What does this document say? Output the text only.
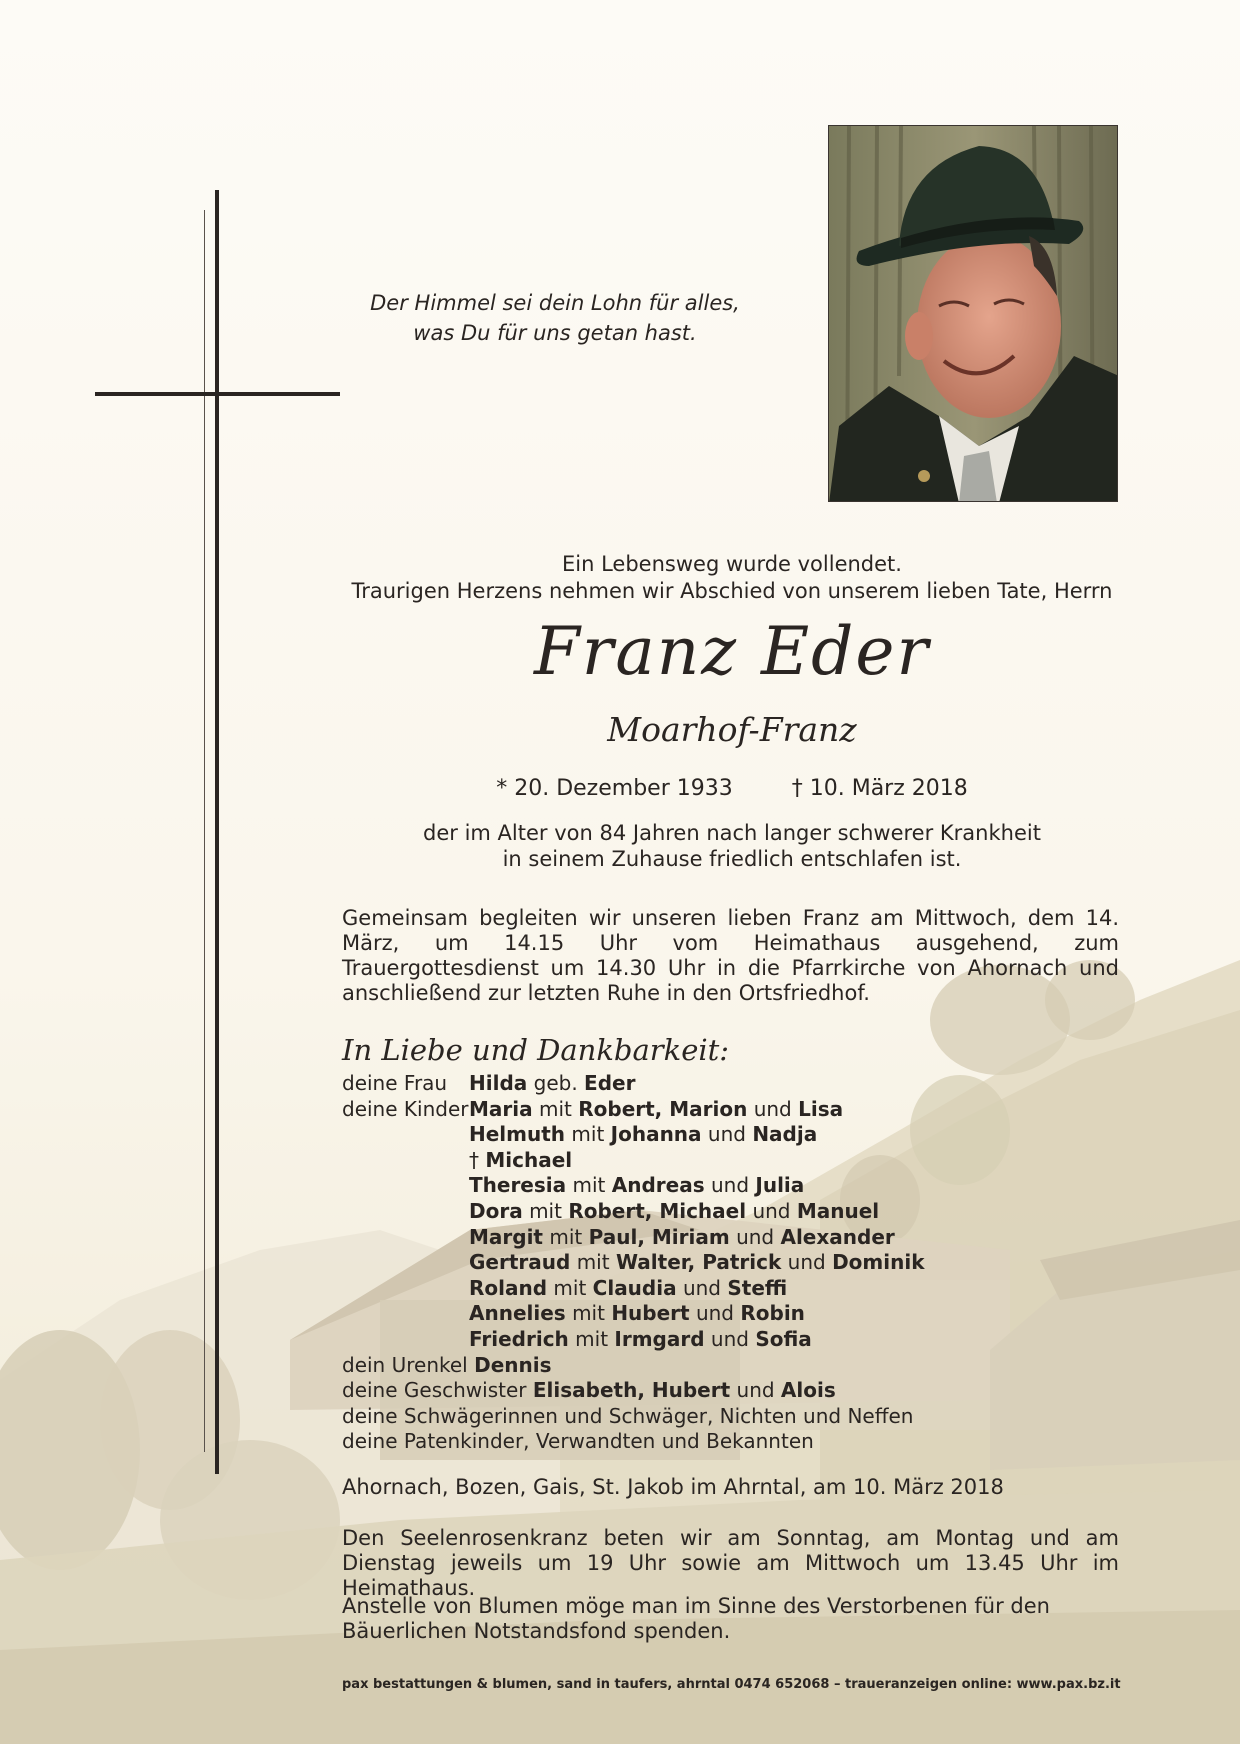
Der Himmel sei dein Lohn für alles,
was Du für uns getan hast.
Ein Lebensweg wurde vollendet.
Traurigen Herzens nehmen wir Abschied von unserem lieben Tate, Herrn
Franz Eder
Moarhof-Franz
* 20. Dezember 1933	† 10. März 2018
der im Alter von 84 Jahren nach langer schwerer Krankheit
in seinem Zuhause friedlich entschlafen ist.
Gemeinsam begleiten wir unseren lieben Franz am Mittwoch, dem 14. März, um 14.15 Uhr vom Heimathaus ausgehend, zum Trauergottesdienst um 14.30 Uhr in die Pfarrkirche von Ahornach und anschließend zur letzten Ruhe in den Ortsfriedhof.
In Liebe und Dankbarkeit:
deine Frau Hilda geb. Eder
deine Kinder Maria mit Robert, Marion und Lisa
Helmuth mit Johanna und Nadja
† Michael
Theresia mit Andreas und Julia
Dora mit Robert, Michael und Manuel
Margit mit Paul, Miriam und Alexander
Gertraud mit Walter, Patrick und Dominik
Roland mit Claudia und Steffi
Annelies mit Hubert und Robin
Friedrich mit Irmgard und Sofia
dein Urenkel Dennis
deine Geschwister Elisabeth, Hubert und Alois
deine Schwägerinnen und Schwäger, Nichten und Neffen
deine Patenkinder, Verwandten und Bekannten
Ahornach, Bozen, Gais, St. Jakob im Ahrntal, am 10. März 2018
Den Seelenrosenkranz beten wir am Sonntag, am Montag und am Dienstag jeweils um 19 Uhr sowie am Mittwoch um 13.45 Uhr im Heimathaus.
Anstelle von Blumen möge man im Sinne des Verstorbenen für den Bäuerlichen Notstandsfond spenden.
pax bestattungen & blumen, sand in taufers, ahrntal 0474 652068 – traueranzeigen online: www.pax.bz.it
